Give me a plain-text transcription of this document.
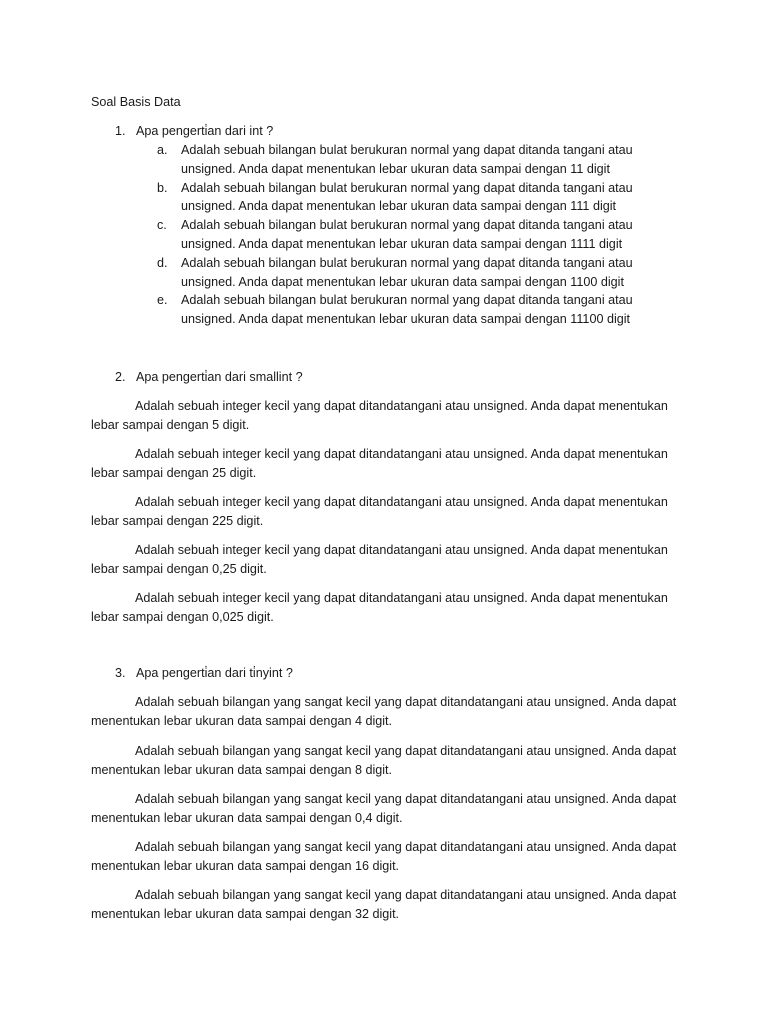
Soal Basis Data
1. Apa pengerti̇an dari int ?
a.	Adalah sebuah bilangan bulat berukuran normal yang dapat ditanda tangani atau unsigned. Anda dapat menentukan lebar ukuran data sampai dengan 11 digit
b.	Adalah sebuah bilangan bulat berukuran normal yang dapat ditanda tangani atau unsigned. Anda dapat menentukan lebar ukuran data sampai dengan 111 digit
c.	Adalah sebuah bilangan bulat berukuran normal yang dapat ditanda tangani atau unsigned. Anda dapat menentukan lebar ukuran data sampai dengan 1111 digit
d.	Adalah sebuah bilangan bulat berukuran normal yang dapat ditanda tangani atau unsigned. Anda dapat menentukan lebar ukuran data sampai dengan 1100 digit
e.	Adalah sebuah bilangan bulat berukuran normal yang dapat ditanda tangani atau unsigned. Anda dapat menentukan lebar ukuran data sampai dengan 11100 digit
2. Apa pengerti̇an dari smallint ?

Adalah sebuah integer kecil yang dapat ditandatangani atau unsigned. Anda dapat menentukan lebar sampai dengan 5 digit.

Adalah sebuah integer kecil yang dapat ditandatangani atau unsigned. Anda dapat menentukan lebar sampai dengan 25 digit.

Adalah sebuah integer kecil yang dapat ditandatangani atau unsigned. Anda dapat menentukan lebar sampai dengan 225 digit.

Adalah sebuah integer kecil yang dapat ditandatangani atau unsigned. Anda dapat menentukan lebar sampai dengan 0,25 digit.

Adalah sebuah integer kecil yang dapat ditandatangani atau unsigned. Anda dapat menentukan lebar sampai dengan 0,025 digit.

3. Apa pengerti̇an dari ti̇nyint ?

Adalah sebuah bilangan yang sangat kecil yang dapat ditandatangani atau unsigned. Anda dapat menentukan lebar ukuran data sampai dengan 4 digit.

Adalah sebuah bilangan yang sangat kecil yang dapat ditandatangani atau unsigned. Anda dapat menentukan lebar ukuran data sampai dengan 8 digit.

Adalah sebuah bilangan yang sangat kecil yang dapat ditandatangani atau unsigned. Anda dapat menentukan lebar ukuran data sampai dengan 0,4 digit.

Adalah sebuah bilangan yang sangat kecil yang dapat ditandatangani atau unsigned. Anda dapat menentukan lebar ukuran data sampai dengan 16 digit.

Adalah sebuah bilangan yang sangat kecil yang dapat ditandatangani atau unsigned. Anda dapat menentukan lebar ukuran data sampai dengan 32 digit.
